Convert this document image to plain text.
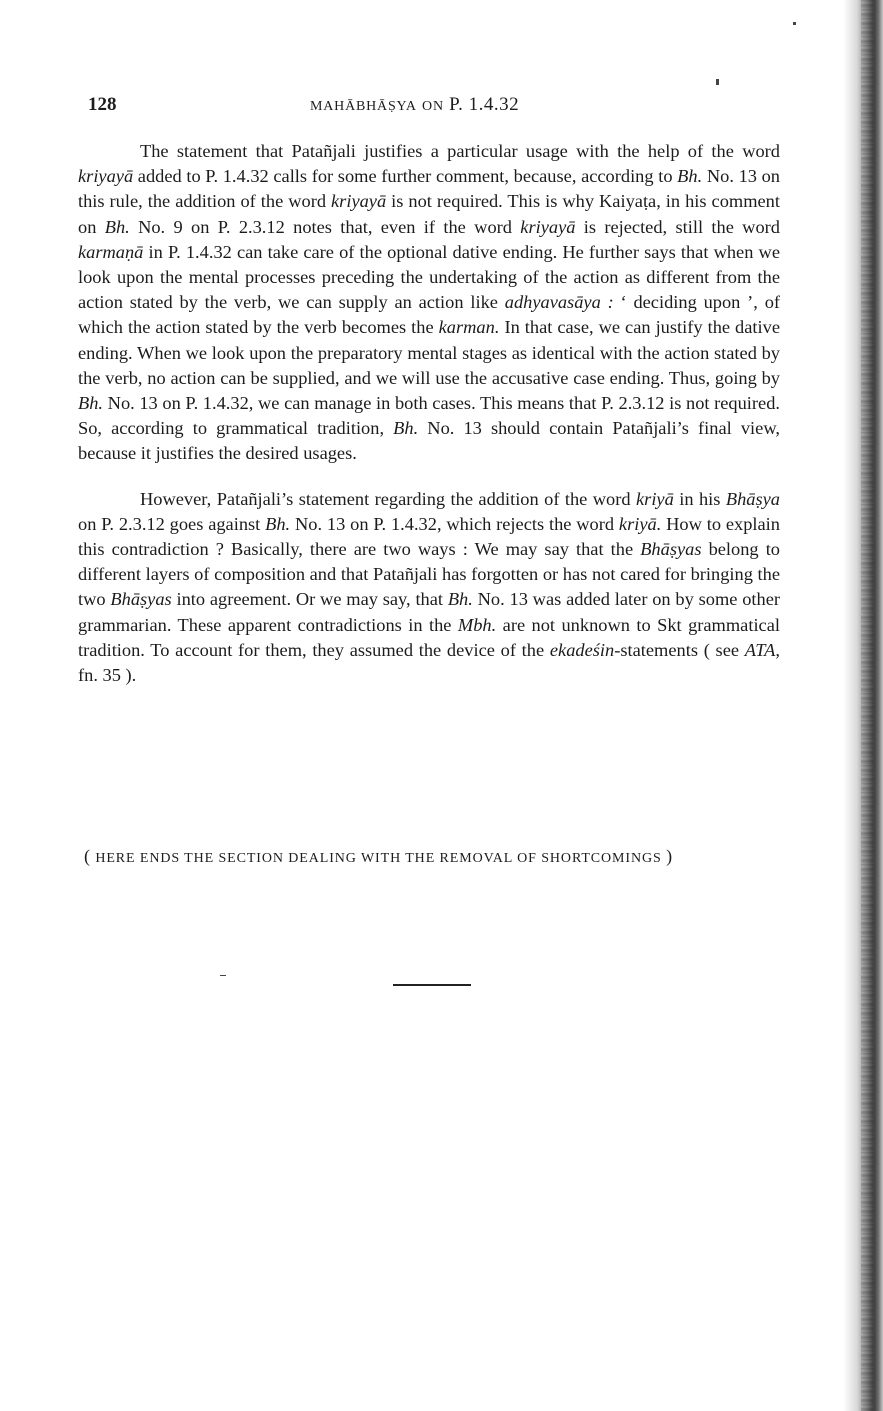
128	MAHĀBHĀṢYA ON P. 1.4.32

The statement that Patañjali justifies a particular usage with the help of the word kriyayā added to P. 1.4.32 calls for some further comment, because, according to Bh. No. 13 on this rule, the addition of the word kriyayā is not required. This is why Kaiyaṭa, in his comment on Bh. No. 9 on P. 2.3.12 notes that, even if the word kriyayā is rejected, still the word karmaṇā in P. 1.4.32 can take care of the optional dative ending. He further says that when we look upon the mental processes preceding the undertaking of the action as different from the action stated by the verb, we can supply an action like adhyavasāya : ‘ deciding upon ’, of which the action stated by the verb becomes the karman. In that case, we can justify the dative ending. When we look upon the preparatory mental stages as identical with the action stated by the verb, no action can be supplied, and we will use the accusative case ending. Thus, going by Bh. No. 13 on P. 1.4.32, we can manage in both cases. This means that P. 2.3.12 is not required. So, according to grammatical tradition, Bh. No. 13 should contain Patañjali’s final view, because it justifies the desired usages.

However, Patañjali’s statement regarding the addition of the word kriyā in his Bhāṣya on P. 2.3.12 goes against Bh. No. 13 on P. 1.4.32, which rejects the word kriyā. How to explain this contradiction ? Basically, there are two ways : We may say that the Bhāṣyas belong to different layers of composition and that Patañjali has forgotten or has not cared for bringing the two Bhāṣyas into agreement. Or we may say, that Bh. No. 13 was added later on by some other grammarian. These apparent contradictions in the Mbh. are not unknown to Skt grammatical tradition. To account for them, they assumed the device of the ekadeśin-statements ( see ATA, fn. 35 ).

( HERE ENDS THE SECTION DEALING WITH THE REMOVAL OF SHORTCOMINGS )
